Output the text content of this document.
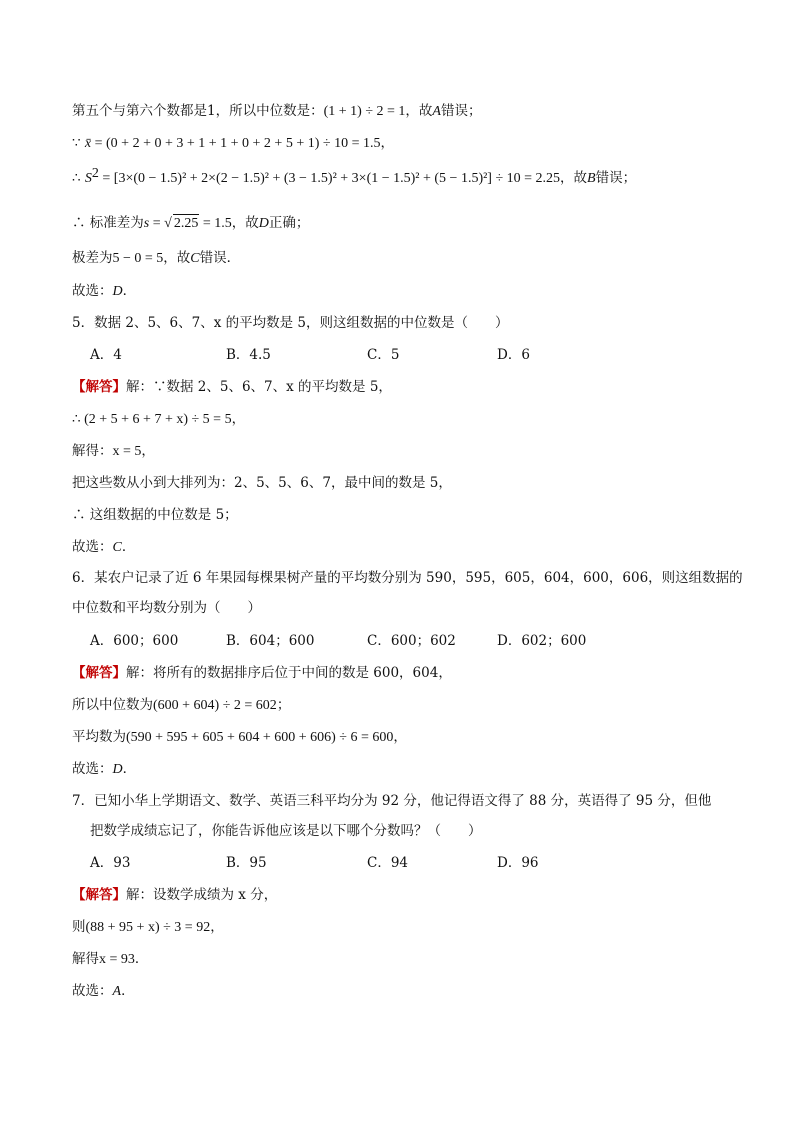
第五个与第六个数都是1，所以中位数是：(1 + 1) ÷ 2 = 1，故A错误；
∵ x̄ = (0 + 2 + 0 + 3 + 1 + 1 + 0 + 2 + 5 + 1) ÷ 10 = 1.5，
∴ $S^2 = [3\times(0 - 1.5)^2 + 2\times(2 - 1.5)^2 + (3 - 1.5)^2 + 3\times(1 - 1.5)^2 + (5 - 1.5)^2] \div 10 = 2.25$，故B错误；
∴ 标准差为s = √ 2.25 = 1.5，故D正确；
极差为5 − 0 = 5，故C错误．
故选：D．
5．数据 2、5、6、7、x 的平均数是 5，则这组数据的中位数是（　　）
A．4	B．4.5	C．5	D．6
【解答】解：∵数据 2、5、6、7、x 的平均数是 5，
∴ (2 + 5 + 6 + 7 + x) ÷ 5 = 5，
解得：x = 5，
把这些数从小到大排列为：2、5、5、6、7，最中间的数是 5，
∴ 这组数据的中位数是 5；
故选：C．
6．某农户记录了近 6 年果园每棵果树产量的平均数分别为 590，595，605，604，600，606，则这组数据的
中位数和平均数分别为（　　）
A．600；600	B．604；600	C．600；602	D．602；600
【解答】解：将所有的数据排序后位于中间的数是 600，604，
所以中位数为(600 + 604) ÷ 2 = 602；
平均数为(590 + 595 + 605 + 604 + 600 + 606) ÷ 6 = 600，
故选：D．
7．已知小华上学期语文、数学、英语三科平均分为 92 分，他记得语文得了 88 分，英语得了 95 分，但他
把数学成绩忘记了，你能告诉他应该是以下哪个分数吗？（　　）
A．93	B．95	C．94	D．96
【解答】解：设数学成绩为 x 分，
则(88 + 95 + x) ÷ 3 = 92，
解得x = 93．
故选：A．
